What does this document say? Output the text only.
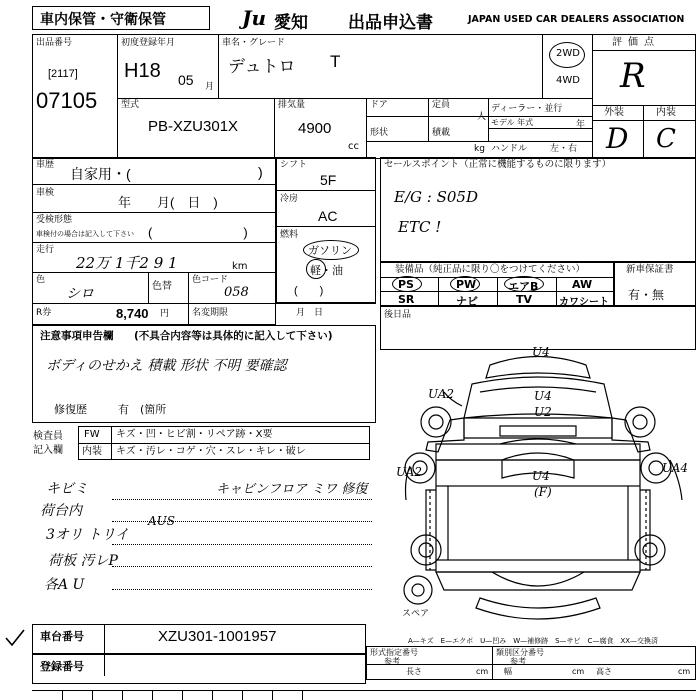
車内保管・守衛保管	Ju 愛知 出品申込書	JAPAN USED CAR DEALERS ASSOCIATION
出品番号
[2117]
07105
初度登録年月
H18 05 月
車名・グレード
デュトロ T	2WD
4WD
評価点
R
外装	内装
D C
型式
PB-XZU301X
排気量
4900
cc
ドア	定員
人
形状	積載
kg
ディーラー・並行
モデル 年式	年
ハンドル	左・右
車歴
自家用・(	)
車検
年　　月(　日　)
受検形態
車検付の場合は記入して下さい (　　　　　　　)
走行
22万 1千2 9 1	km
色
シロ	色替
色コード
058
R券	8,740 円	名変期限	月　日
シフト
5F
冷房
AC
燃料
ガソリン
軽・油
(　　)
セールスポイント（正常に機能するものに限ります）
E/G : S05D
ETC !
装備品（純正品に限り〇をつけてください）
PS	PW	エアB	AW
SR	ナビ	TV	カワシート
新車保証書
有・無
後日品
注意事項申告欄 (不具合内容等は具体的に記入して下さい)
ボディのせかえ 積載 形状 不明 要確認
修復歴	有 (箇所
検査員 記入欄
FW キズ・凹・ヒビ割・リペア跡・X要
内装 キズ・汚レ・コゲ・穴・スレ・キレ・破レ
キビミ
荷台内
3オリ トリイ
AUS
荷板 汚レP
各A U
キャビンフロア ミワ 修復
U4
U4
U2
U4
(F)
UA2
UA2	UA4
スペア
A—キズ　E—エクボ　U—凹み　W—補修跡　S—サビ　C—腐食　XX—交換済
車台番号	XZU301-1001957
登録番号
形式指定番号
参考
類別区分番号
参考
長さ	cm 幅	cm 高さ	cm
